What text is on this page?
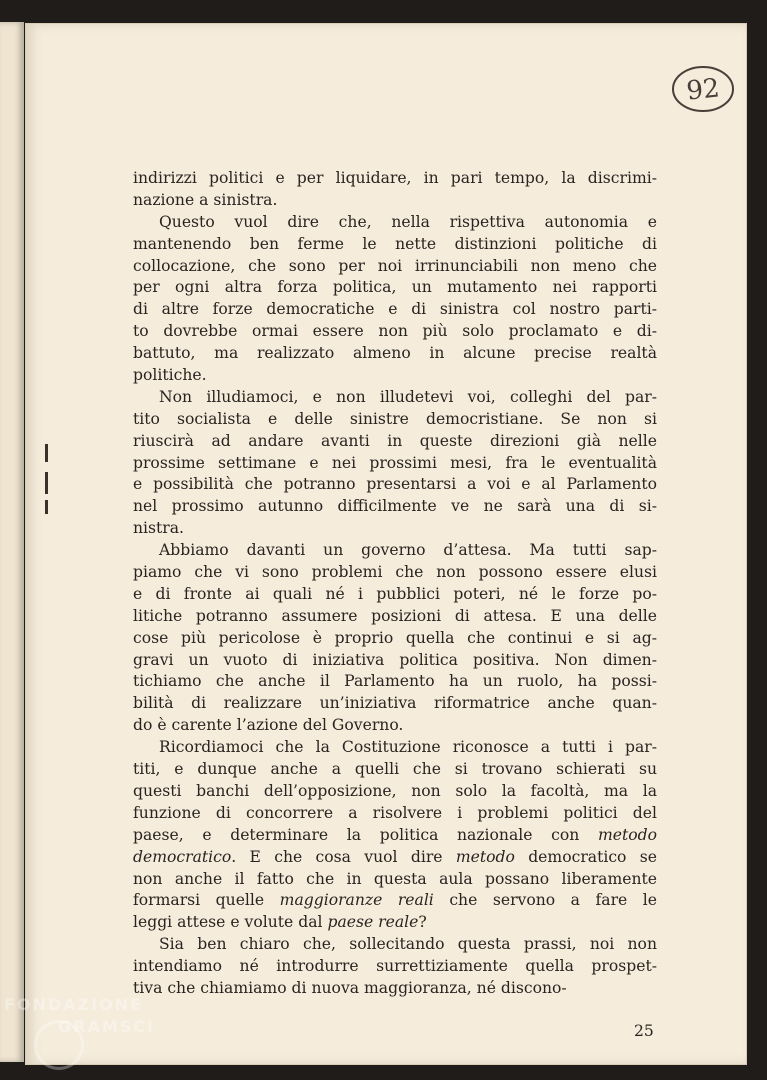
92
indirizzi politici e per liquidare, in pari tempo, la discrimi-
nazione a sinistra.
Questo vuol dire che, nella rispettiva autonomia e
mantenendo ben ferme le nette distinzioni politiche di
collocazione, che sono per noi irrinunciabili non meno che
per ogni altra forza politica, un mutamento nei rapporti
di altre forze democratiche e di sinistra col nostro parti-
to dovrebbe ormai essere non più solo proclamato e di-
battuto, ma realizzato almeno in alcune precise realtà
politiche.
Non illudiamoci, e non illudetevi voi, colleghi del par-
tito socialista e delle sinistre democristiane. Se non si
riuscirà ad andare avanti in queste direzioni già nelle
prossime settimane e nei prossimi mesi, fra le eventualità
e possibilità che potranno presentarsi a voi e al Parlamento
nel prossimo autunno difficilmente ve ne sarà una di si-
nistra.
Abbiamo davanti un governo d’attesa. Ma tutti sap-
piamo che vi sono problemi che non possono essere elusi
e di fronte ai quali né i pubblici poteri, né le forze po-
litiche potranno assumere posizioni di attesa. E una delle
cose più pericolose è proprio quella che continui e si ag-
gravi un vuoto di iniziativa politica positiva. Non dimen-
tichiamo che anche il Parlamento ha un ruolo, ha possi-
bilità di realizzare un’iniziativa riformatrice anche quan-
do è carente l’azione del Governo.
Ricordiamoci che la Costituzione riconosce a tutti i par-
titi, e dunque anche a quelli che si trovano schierati su
questi banchi dell’opposizione, non solo la facoltà, ma la
funzione di concorrere a risolvere i problemi politici del
paese, e determinare la politica nazionale con metodo
democratico. E che cosa vuol dire metodo democratico se
non anche il fatto che in questa aula possano liberamente
formarsi quelle maggioranze reali che servono a fare le
leggi attese e volute dal paese reale?
Sia ben chiaro che, sollecitando questa prassi, noi non
intendiamo né introdurre surrettiziamente quella prospet-
tiva che chiamiamo di nuova maggioranza, né discono-
25
FONDAZIONE
GRAMSCI
